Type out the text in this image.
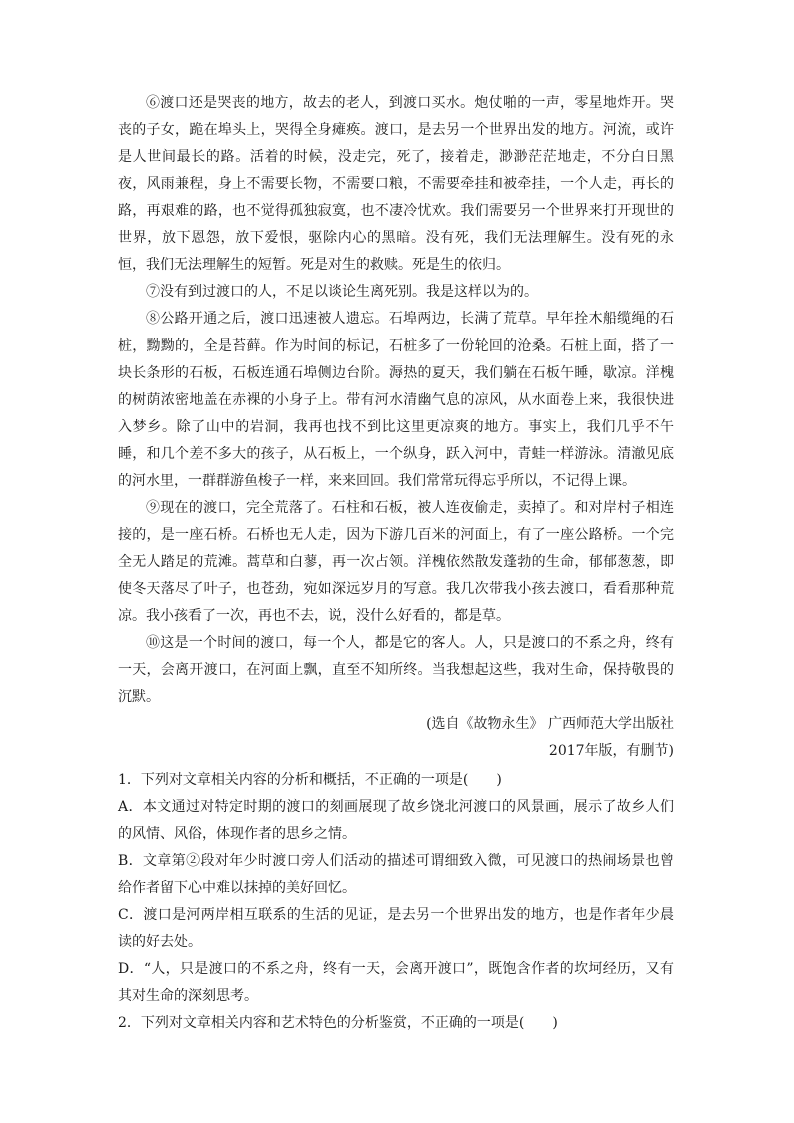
⑥渡口还是哭丧的地方，故去的老人，到渡口买水。炮仗啪的一声，零星地炸开。哭丧的子女，跪在埠头上，哭得全身瘫痪。渡口，是去另一个世界出发的地方。河流，或许是人世间最长的路。活着的时候，没走完，死了，接着走，渺渺茫茫地走，不分白日黑夜，风雨兼程，身上不需要长物，不需要口粮，不需要牵挂和被牵挂，一个人走，再长的路，再艰难的路，也不觉得孤独寂寞，也不凄冷忧欢。我们需要另一个世界来打开现世的世界，放下恩怨，放下爱恨，驱除内心的黑暗。没有死，我们无法理解生。没有死的永恒，我们无法理解生的短暂。死是对生的救赎。死是生的依归。

⑦没有到过渡口的人，不足以谈论生离死别。我是这样以为的。

⑧公路开通之后，渡口迅速被人遗忘。石埠两边，长满了荒草。早年拴木船缆绳的石桩，黝黝的，全是苔藓。作为时间的标记，石桩多了一份轮回的沧桑。石桩上面，搭了一块长条形的石板，石板连通石埠侧边台阶。溽热的夏天，我们躺在石板午睡，歇凉。洋槐的树荫浓密地盖在赤裸的小身子上。带有河水清幽气息的凉风，从水面卷上来，我很快进入梦乡。除了山中的岩洞，我再也找不到比这里更凉爽的地方。事实上，我们几乎不午睡，和几个差不多大的孩子，从石板上，一个纵身，跃入河中，青蛙一样游泳。清澈见底的河水里，一群群游鱼梭子一样，来来回回。我们常常玩得忘乎所以，不记得上课。

⑨现在的渡口，完全荒落了。石柱和石板，被人连夜偷走，卖掉了。和对岸村子相连接的，是一座石桥。石桥也无人走，因为下游几百米的河面上，有了一座公路桥。一个完全无人踏足的荒滩。蒿草和白蓼，再一次占领。洋槐依然散发蓬勃的生命，郁郁葱葱，即使冬天落尽了叶子，也苍劲，宛如深远岁月的写意。我几次带我小孩去渡口，看看那种荒凉。我小孩看了一次，再也不去，说，没什么好看的，都是草。

⑩这是一个时间的渡口，每一个人，都是它的客人。人，只是渡口的不系之舟，终有一天，会离开渡口，在河面上飘，直至不知所终。当我想起这些，我对生命，保持敬畏的沉默。

(选自《故物永生》 广西师范大学出版社

2017年版，有删节)

1．下列对文章相关内容的分析和概括，不正确的一项是(　　)

A．本文通过对特定时期的渡口的刻画展现了故乡饶北河渡口的风景画，展示了故乡人们的风情、风俗，体现作者的思乡之情。

B．文章第②段对年少时渡口旁人们活动的描述可谓细致入微，可见渡口的热闹场景也曾给作者留下心中难以抹掉的美好回忆。

C．渡口是河两岸相互联系的生活的见证，是去另一个世界出发的地方，也是作者年少晨读的好去处。

D．“人，只是渡口的不系之舟，终有一天，会离开渡口”，既饱含作者的坎坷经历，又有其对生命的深刻思考。

2．下列对文章相关内容和艺术特色的分析鉴赏，不正确的一项是(　　)
